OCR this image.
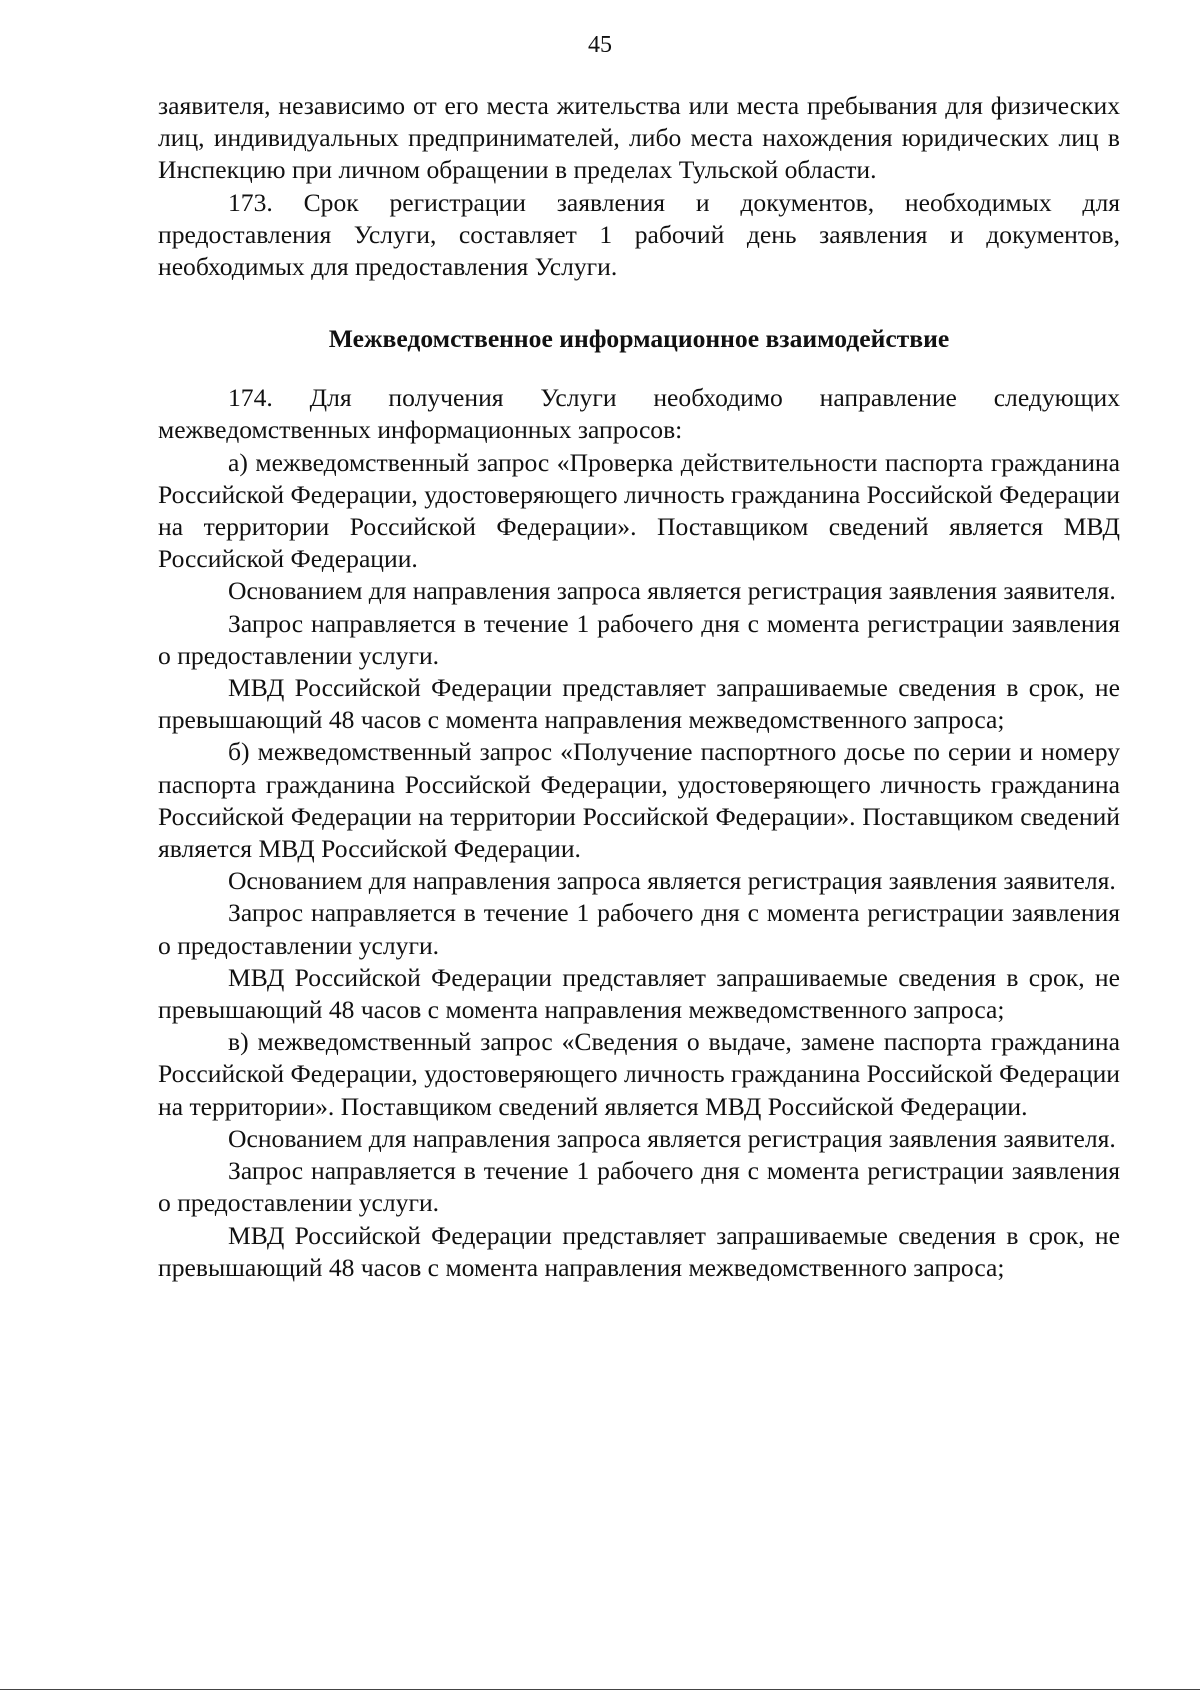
45

заявителя, независимо от его места жительства или места пребывания для физических лиц, индивидуальных предпринимателей, либо места нахождения юридических лиц в Инспекцию при личном обращении в пределах Тульской области.

173. Срок регистрации заявления и документов, необходимых для предоставления Услуги, составляет 1 рабочий день заявления и документов, необходимых для предоставления Услуги.

Межведомственное информационное взаимодействие

174. Для получения Услуги необходимо направление следующих межведомственных информационных запросов:

а) межведомственный запрос «Проверка действительности паспорта гражданина Российской Федерации, удостоверяющего личность гражданина Российской Федерации на территории Российской Федерации». Поставщиком сведений является МВД Российской Федерации.

Основанием для направления запроса является регистрация заявления заявителя.

Запрос направляется в течение 1 рабочего дня с момента регистрации заявления о предоставлении услуги.

МВД Российской Федерации представляет запрашиваемые сведения в срок, не превышающий 48 часов с момента направления межведомственного запроса;

б) межведомственный запрос «Получение паспортного досье по серии и номеру паспорта гражданина Российской Федерации, удостоверяющего личность гражданина Российской Федерации на территории Российской Федерации». Поставщиком сведений является МВД Российской Федерации.

Основанием для направления запроса является регистрация заявления заявителя.

Запрос направляется в течение 1 рабочего дня с момента регистрации заявления о предоставлении услуги.

МВД Российской Федерации представляет запрашиваемые сведения в срок, не превышающий 48 часов с момента направления межведомственного запроса;

в) межведомственный запрос «Сведения о выдаче, замене паспорта гражданина Российской Федерации, удостоверяющего личность гражданина Российской Федерации на территории». Поставщиком сведений является МВД Российской Федерации.

Основанием для направления запроса является регистрация заявления заявителя.

Запрос направляется в течение 1 рабочего дня с момента регистрации заявления о предоставлении услуги.

МВД Российской Федерации представляет запрашиваемые сведения в срок, не превышающий 48 часов с момента направления межведомственного запроса;
